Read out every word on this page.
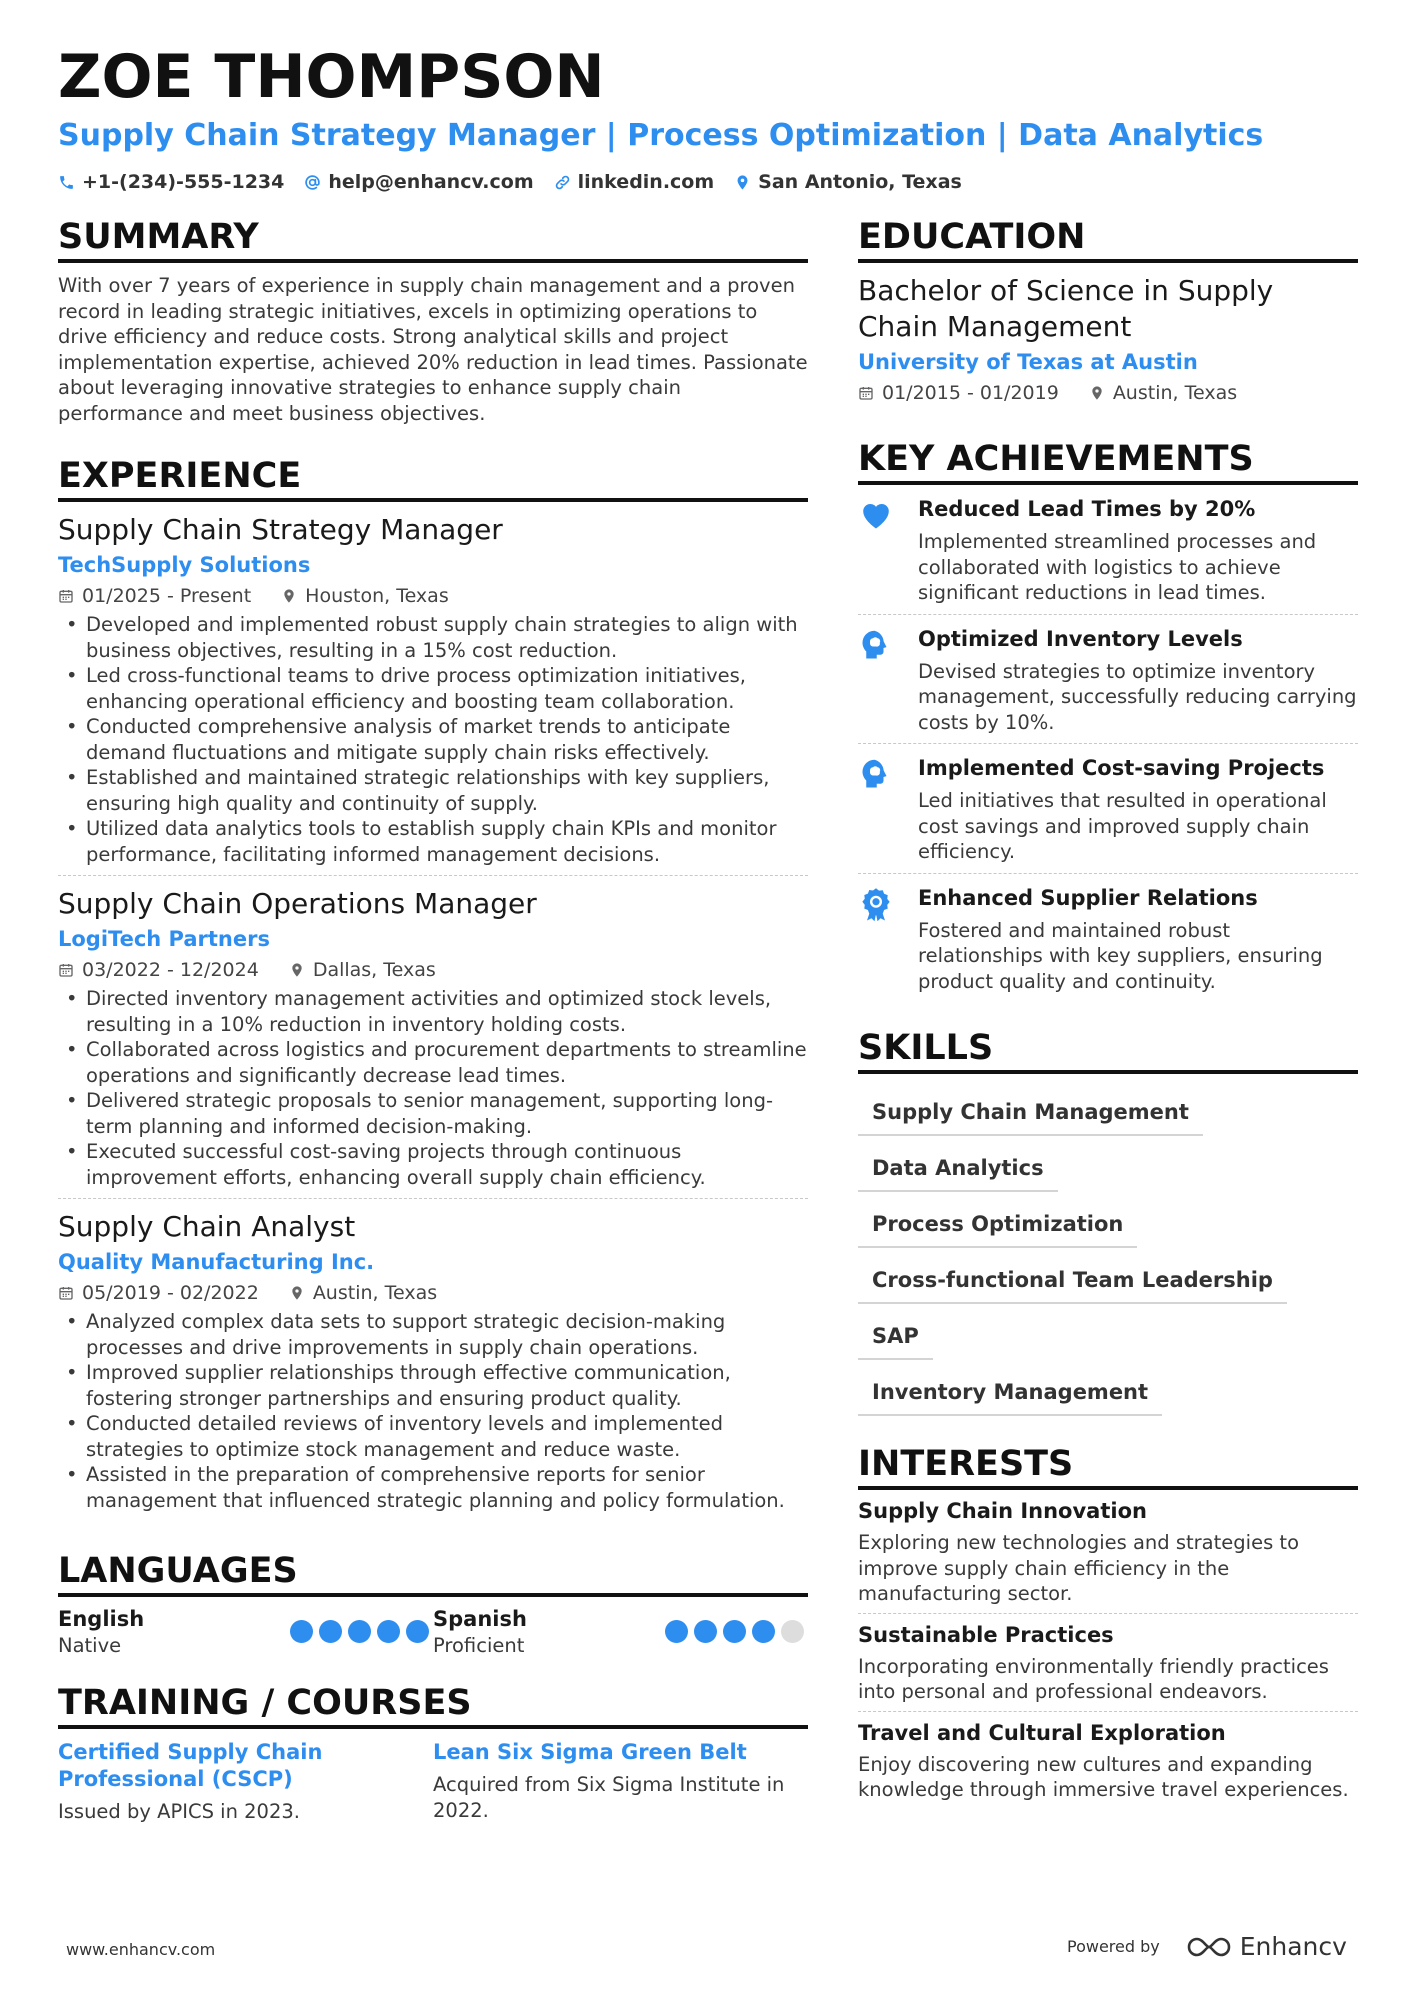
ZOE THOMPSON
Supply Chain Strategy Manager | Process Optimization | Data Analytics
+1-(234)-555-1234 help@enhancv.com linkedin.com San Antonio, Texas
SUMMARY
With over 7 years of experience in supply chain management and a proven record in leading strategic initiatives, excels in optimizing operations to drive efficiency and reduce costs. Strong analytical skills and project implementation expertise, achieved 20% reduction in lead times. Passionate about leveraging innovative strategies to enhance supply chain performance and meet business objectives.
EXPERIENCE
Supply Chain Strategy Manager
TechSupply Solutions
01/2025 - Present	Houston, Texas
• Developed and implemented robust supply chain strategies to align with business objectives, resulting in a 15% cost reduction.
• Led cross-functional teams to drive process optimization initiatives, enhancing operational efficiency and boosting team collaboration.
• Conducted comprehensive analysis of market trends to anticipate demand fluctuations and mitigate supply chain risks effectively.
• Established and maintained strategic relationships with key suppliers, ensuring high quality and continuity of supply.
• Utilized data analytics tools to establish supply chain KPIs and monitor performance, facilitating informed management decisions.
Supply Chain Operations Manager
LogiTech Partners
03/2022 - 12/2024	Dallas, Texas
• Directed inventory management activities and optimized stock levels, resulting in a 10% reduction in inventory holding costs.
• Collaborated across logistics and procurement departments to streamline operations and significantly decrease lead times.
• Delivered strategic proposals to senior management, supporting long-term planning and informed decision-making.
• Executed successful cost-saving projects through continuous improvement efforts, enhancing overall supply chain efficiency.
Supply Chain Analyst
Quality Manufacturing Inc.
05/2019 - 02/2022	Austin, Texas
• Analyzed complex data sets to support strategic decision-making processes and drive improvements in supply chain operations.
• Improved supplier relationships through effective communication, fostering stronger partnerships and ensuring product quality.
• Conducted detailed reviews of inventory levels and implemented strategies to optimize stock management and reduce waste.
• Assisted in the preparation of comprehensive reports for senior management that influenced strategic planning and policy formulation.
LANGUAGES
English
Native
Spanish
Proficient
TRAINING / COURSES
Certified Supply Chain Professional (CSCP)
Issued by APICS in 2023.
Lean Six Sigma Green Belt
Acquired from Six Sigma Institute in 2022.
EDUCATION
Bachelor of Science in Supply Chain Management
University of Texas at Austin
01/2015 - 01/2019	Austin, Texas
KEY ACHIEVEMENTS
Reduced Lead Times by 20%
Implemented streamlined processes and collaborated with logistics to achieve significant reductions in lead times.
Optimized Inventory Levels
Devised strategies to optimize inventory management, successfully reducing carrying costs by 10%.
Implemented Cost-saving Projects
Led initiatives that resulted in operational cost savings and improved supply chain efficiency.
Enhanced Supplier Relations
Fostered and maintained robust relationships with key suppliers, ensuring product quality and continuity.
SKILLS
Supply Chain Management
Data Analytics
Process Optimization
Cross-functional Team Leadership
SAP
Inventory Management
INTERESTS
Supply Chain Innovation
Exploring new technologies and strategies to improve supply chain efficiency in the manufacturing sector.
Sustainable Practices
Incorporating environmentally friendly practices into personal and professional endeavors.
Travel and Cultural Exploration
Enjoy discovering new cultures and expanding knowledge through immersive travel experiences.
www.enhancv.com	Powered by	Enhancv
